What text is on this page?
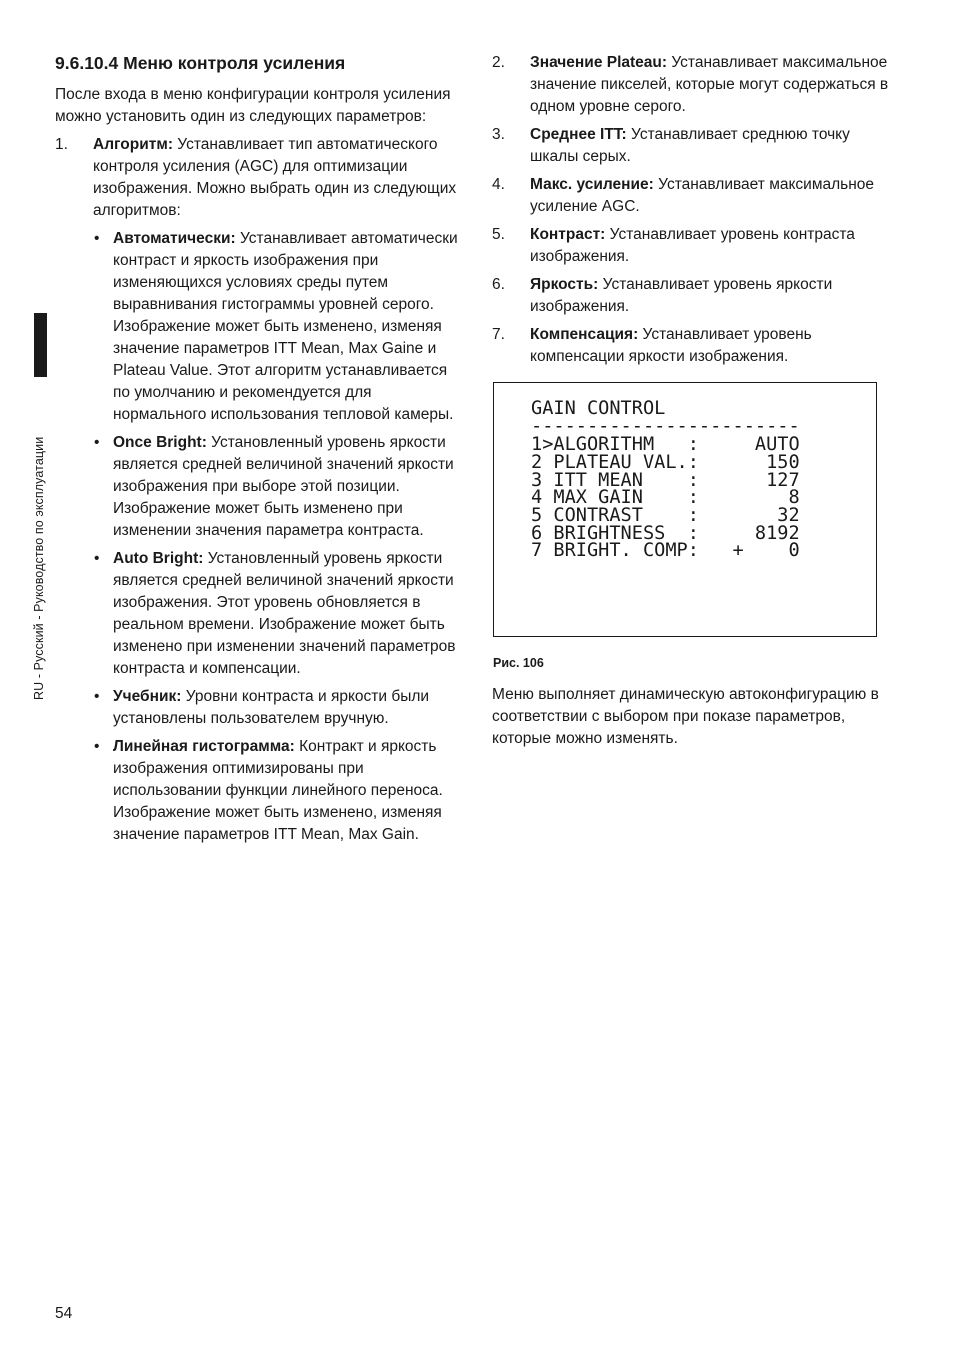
RU - Русский - Руководство по эксплуатации
9.6.10.4 Меню контроля усиления

После входа в меню конфигурации контроля усиления можно установить один из следующих параметров:

1. Алгоритм: Устанавливает тип автоматического контроля усиления (AGC) для оптимизации изображения. Можно выбрать один из следующих алгоритмов:
• Автоматически: Устанавливает автоматически контраст и яркость изображения при изменяющихся условиях среды путем выравнивания гистограммы уровней серого. Изображение может быть изменено, изменяя значение параметров ITT Mean, Max Gaine и Plateau Value. Этот алгоритм устанавливается по умолчанию и рекомендуется для нормального использования тепловой камеры.
• Once Bright: Установленный уровень яркости является средней величиной значений яркости изображения при выборе этой позиции. Изображение может быть изменено при изменении значения параметра контраста.
• Auto Bright: Установленный уровень яркости является средней величиной значений яркости изображения. Этот уровень обновляется в реальном времени. Изображение может быть изменено при изменении значений параметров контраста и компенсации.
• Учебник: Уровни контраста и яркости были установлены пользователем вручную.
• Линейная гистограмма: Контракт и яркость изображения оптимизированы при использовании функции линейного переноса. Изображение может быть изменено, изменяя значение параметров ITT Mean, Max Gain.
2. Значение Plateau: Устанавливает максимальное значение пикселей, которые могут содержаться в одном уровне серого.
3. Среднее ITT: Устанавливает среднюю точку шкалы серых.
4. Макс. усиление: Устанавливает максимальное усиление AGC.
5. Контраст: Устанавливает уровень контраста изображения.
6. Яркость: Устанавливает уровень яркости изображения.
7. Компенсация: Устанавливает уровень компенсации яркости изображения.
GAIN CONTROL
------------------------
1>ALGORITHM   :     AUTO
2 PLATEAU VAL.:      150
3 ITT MEAN    :      127
4 MAX GAIN    :        8
5 CONTRAST    :       32
6 BRIGHTNESS  :     8192
7 BRIGHT. COMP:   +    0
Рис. 106

Меню выполняет динамическую автоконфигурацию в соответствии с выбором при показе параметров, которые можно изменять.

54
